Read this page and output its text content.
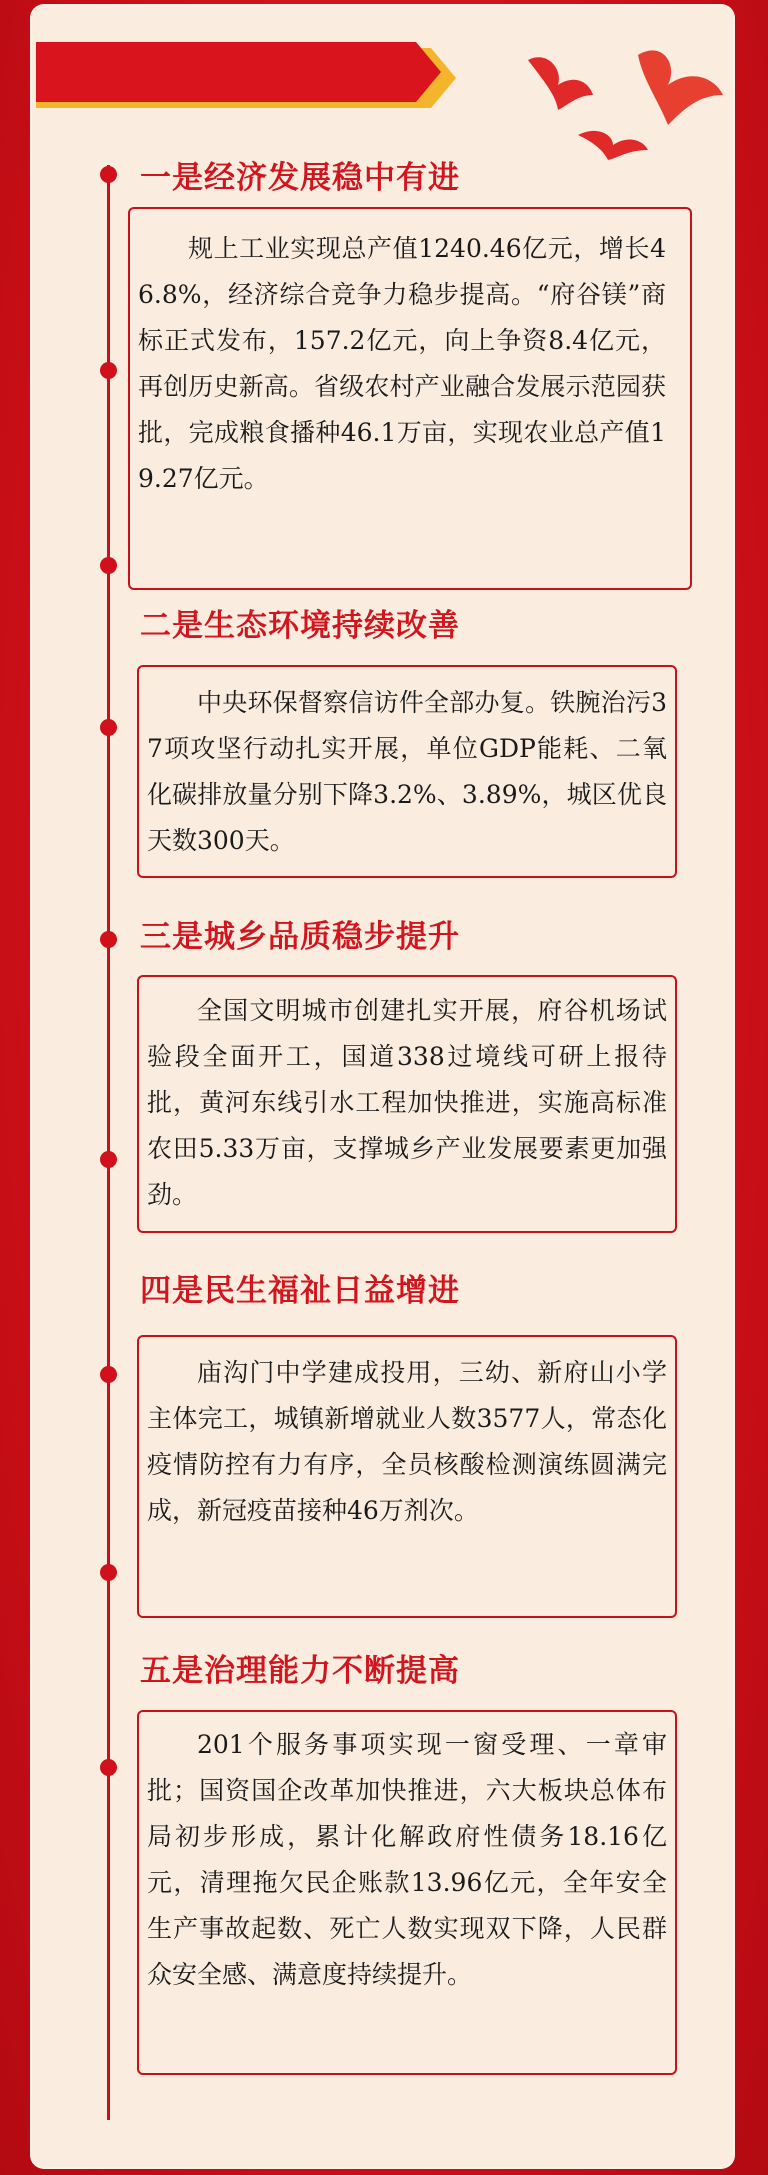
一是经济发展稳中有进
规上工业实现总产值1240.46亿元，增长46.8%，经济综合竞争力稳步提高。“府谷镁”商标正式发布，157.2亿元，向上争资8.4亿元，再创历史新高。省级农村产业融合发展示范园获批，完成粮食播种46.1万亩，实现农业总产值19.27亿元。
二是生态环境持续改善
中央环保督察信访件全部办复。铁腕治污37项攻坚行动扎实开展，单位GDP能耗、二氧化碳排放量分别下降3.2%、3.89%，城区优良天数300天。
三是城乡品质稳步提升
全国文明城市创建扎实开展，府谷机场试验段全面开工，国道338过境线可研上报待批，黄河东线引水工程加快推进，实施高标准农田5.33万亩，支撑城乡产业发展要素更加强劲。
四是民生福祉日益增进
庙沟门中学建成投用，三幼、新府山小学主体完工，城镇新增就业人数3577人，常态化疫情防控有力有序，全员核酸检测演练圆满完成，新冠疫苗接种46万剂次。
五是治理能力不断提高
201个服务事项实现一窗受理、一章审批；国资国企改革加快推进，六大板块总体布局初步形成，累计化解政府性债务18.16亿元，清理拖欠民企账款13.96亿元，全年安全生产事故起数、死亡人数实现双下降，人民群众安全感、满意度持续提升。
